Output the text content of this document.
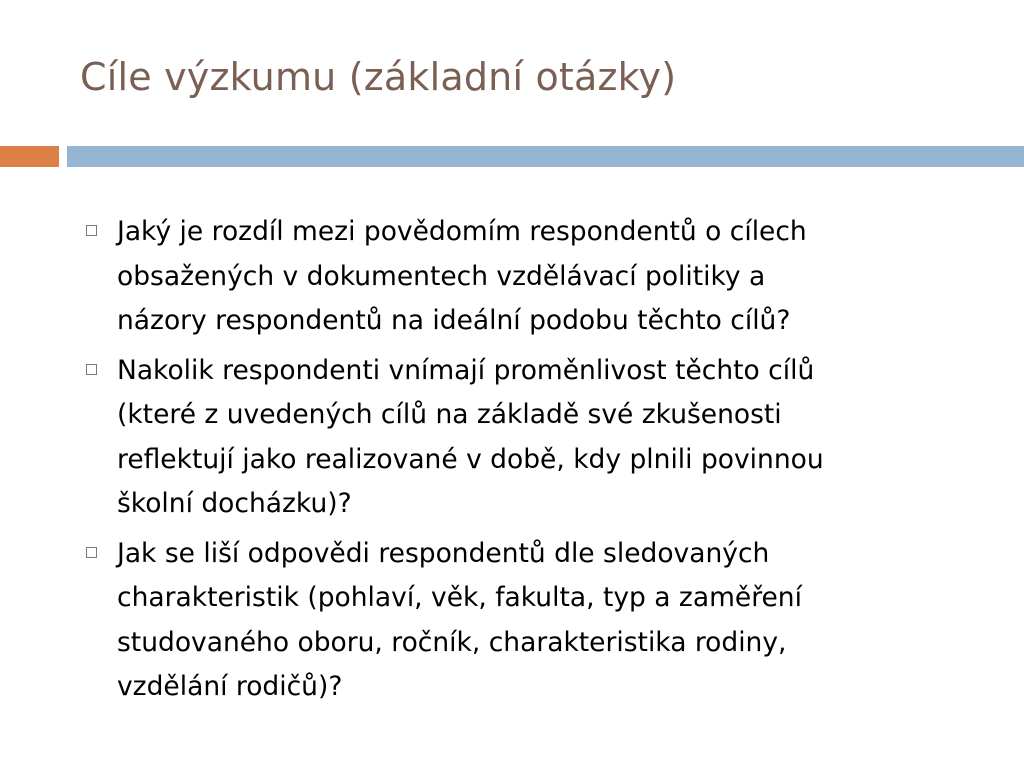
Cíle výzkumu (základní otázky)
Jaký je rozdíl mezi povědomím respondentů o cílech
obsažených v dokumentech vzdělávací politiky a
názory respondentů na ideální podobu těchto cílů?
Nakolik respondenti vnímají proměnlivost těchto cílů
(které z uvedených cílů na základě své zkušenosti
reflektují jako realizované v době, kdy plnili povinnou
školní docházku)?
Jak se liší odpovědi respondentů dle sledovaných
charakteristik (pohlaví, věk, fakulta, typ a zaměření
studovaného oboru, ročník, charakteristika rodiny,
vzdělání rodičů)?
